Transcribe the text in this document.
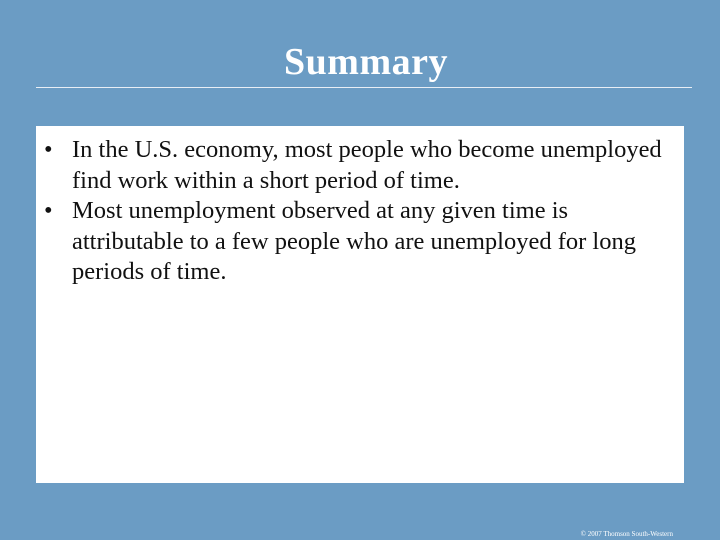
Summary
• In the U.S. economy, most people who become unemployed find work within a short period of time.
• Most unemployment observed at any given time is attributable to a few people who are unemployed for long periods of time.
© 2007 Thomson South-Western
